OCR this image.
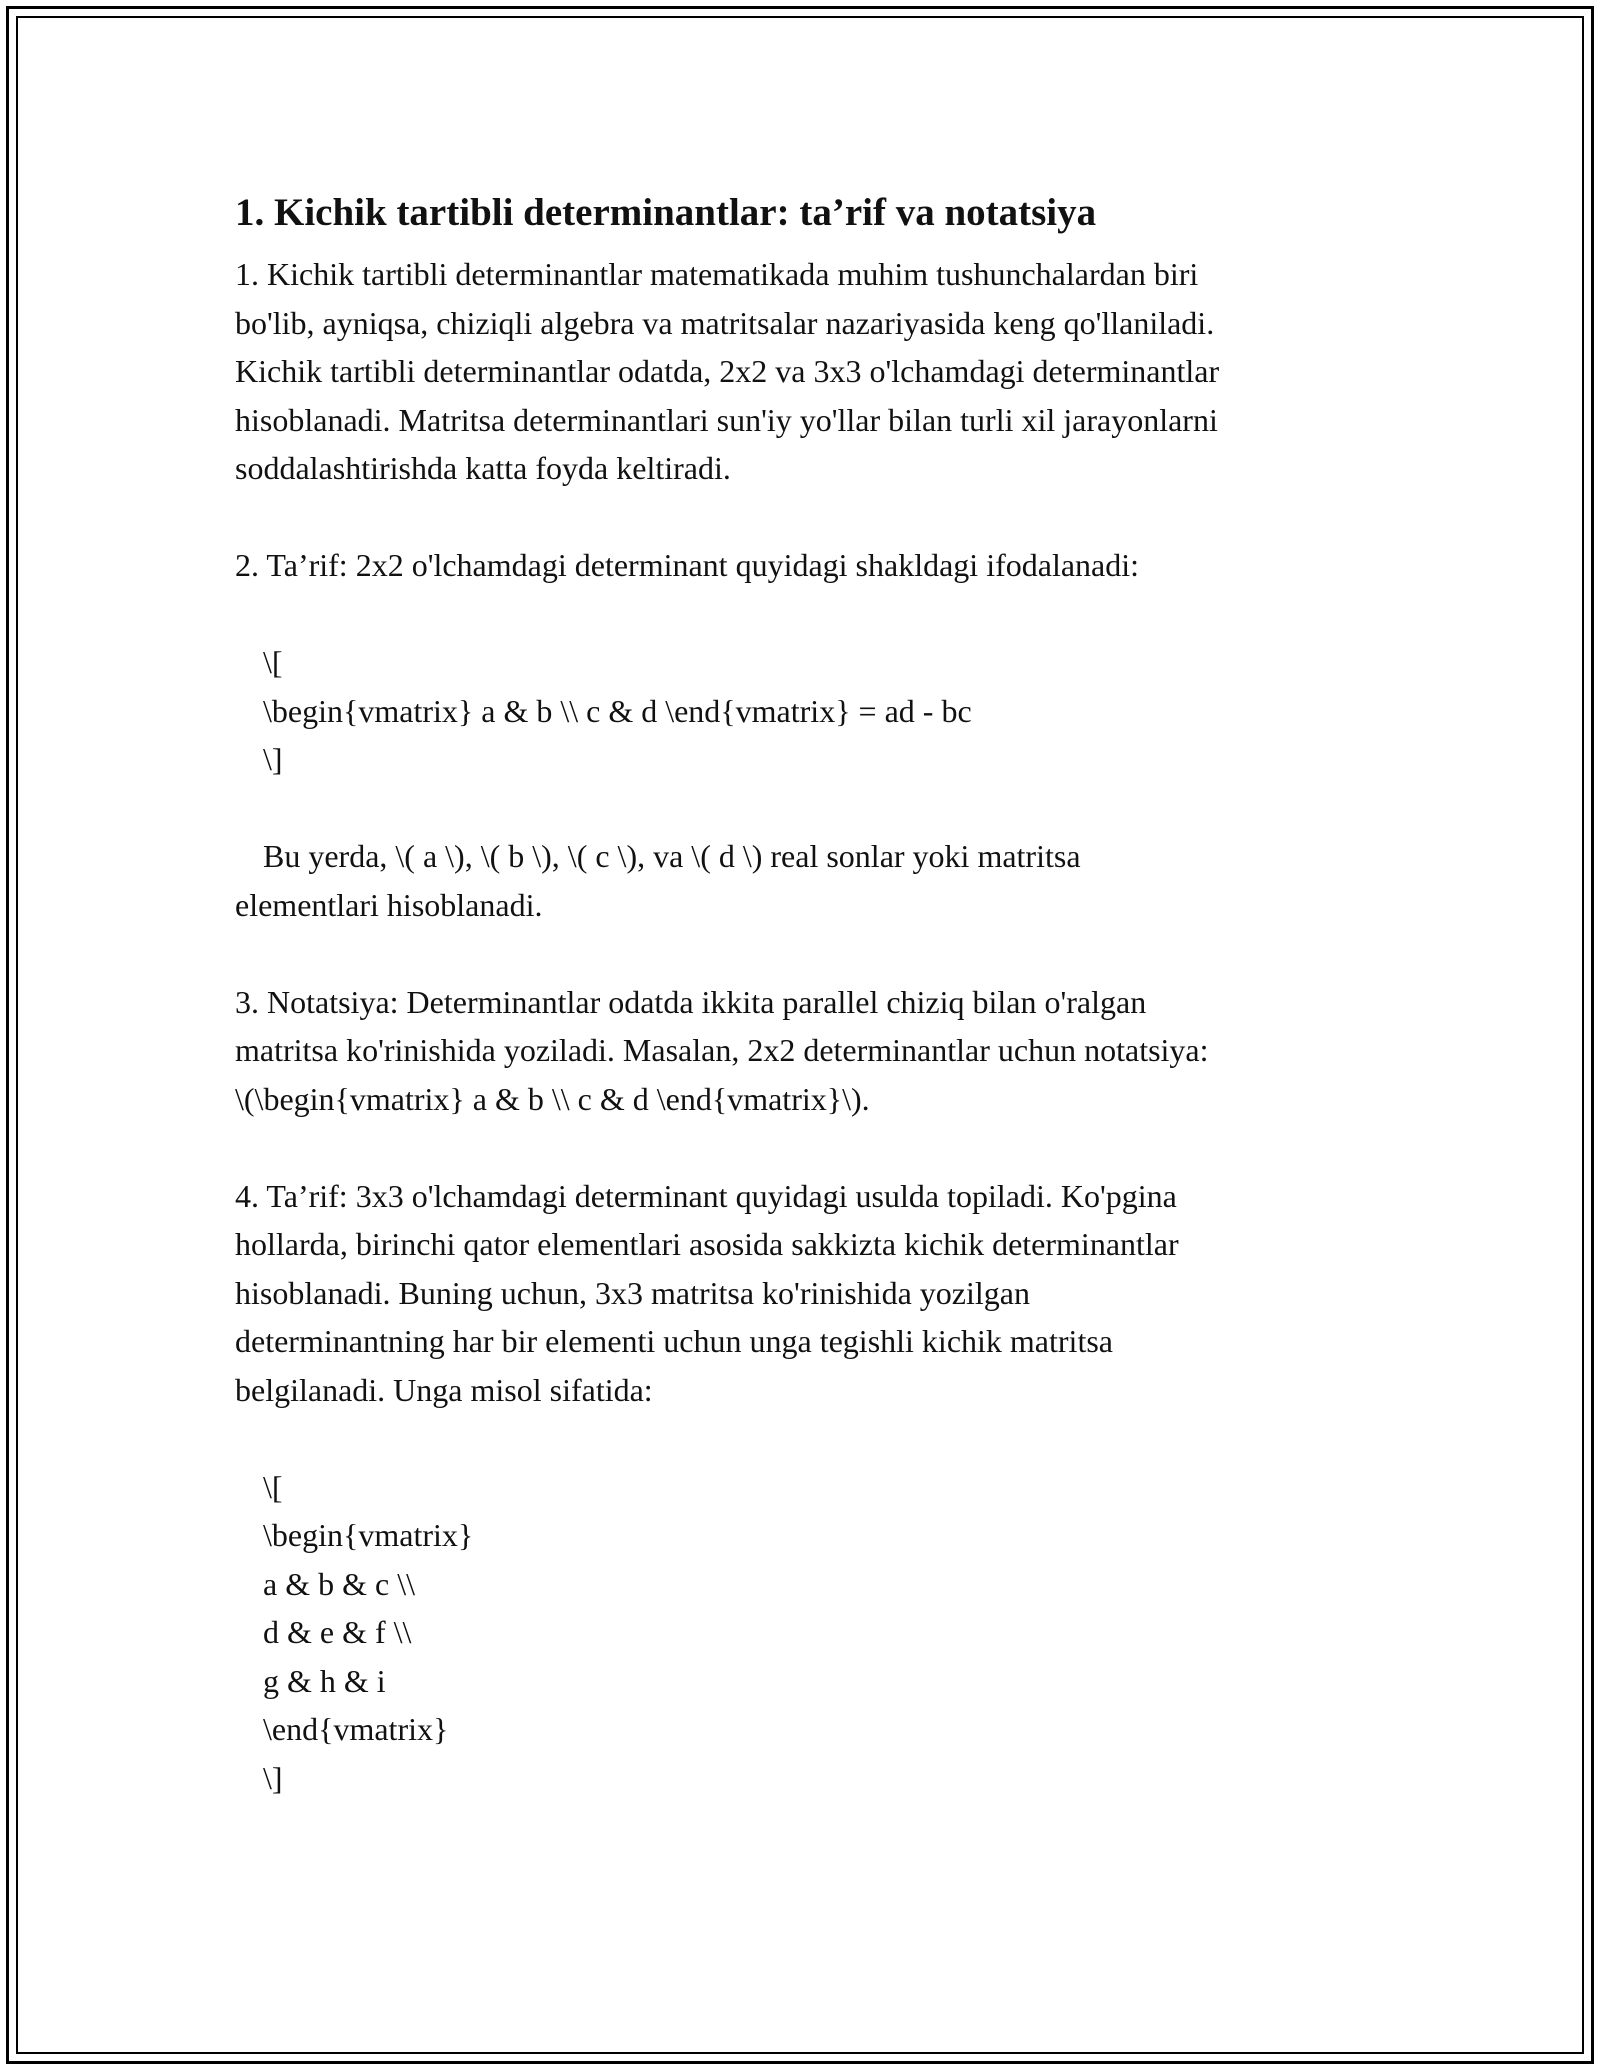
1. Kichik tartibli determinantlar: ta’rif va notatsiya

1. Kichik tartibli determinantlar matematikada muhim tushunchalardan biri
bo'lib, ayniqsa, chiziqli algebra va matritsalar nazariyasida keng qo'llaniladi.
Kichik tartibli determinantlar odatda, 2x2 va 3x3 o'lchamdagi determinantlar
hisoblanadi. Matritsa determinantlari sun'iy yo'llar bilan turli xil jarayonlarni
soddalashtirishda katta foyda keltiradi.

2. Ta’rif: 2x2 o'lchamdagi determinant quyidagi shakldagi ifodalanadi:

\[
\begin{vmatrix} a & b \\ c & d \end{vmatrix} = ad - bc
\]

Bu yerda, \( a \), \( b \), \( c \), va \( d \) real sonlar yoki matritsa
elementlari hisoblanadi.

3. Notatsiya: Determinantlar odatda ikkita parallel chiziq bilan o'ralgan
matritsa ko'rinishida yoziladi. Masalan, 2x2 determinantlar uchun notatsiya:
\(\begin{vmatrix} a & b \\ c & d \end{vmatrix}\).

4. Ta’rif: 3x3 o'lchamdagi determinant quyidagi usulda topiladi. Ko'pgina
hollarda, birinchi qator elementlari asosida sakkizta kichik determinantlar
hisoblanadi. Buning uchun, 3x3 matritsa ko'rinishida yozilgan
determinantning har bir elementi uchun unga tegishli kichik matritsa
belgilanadi. Unga misol sifatida:

\[
\begin{vmatrix}
a & b & c \\
d & e & f \\
g & h & i
\end{vmatrix}
\]
